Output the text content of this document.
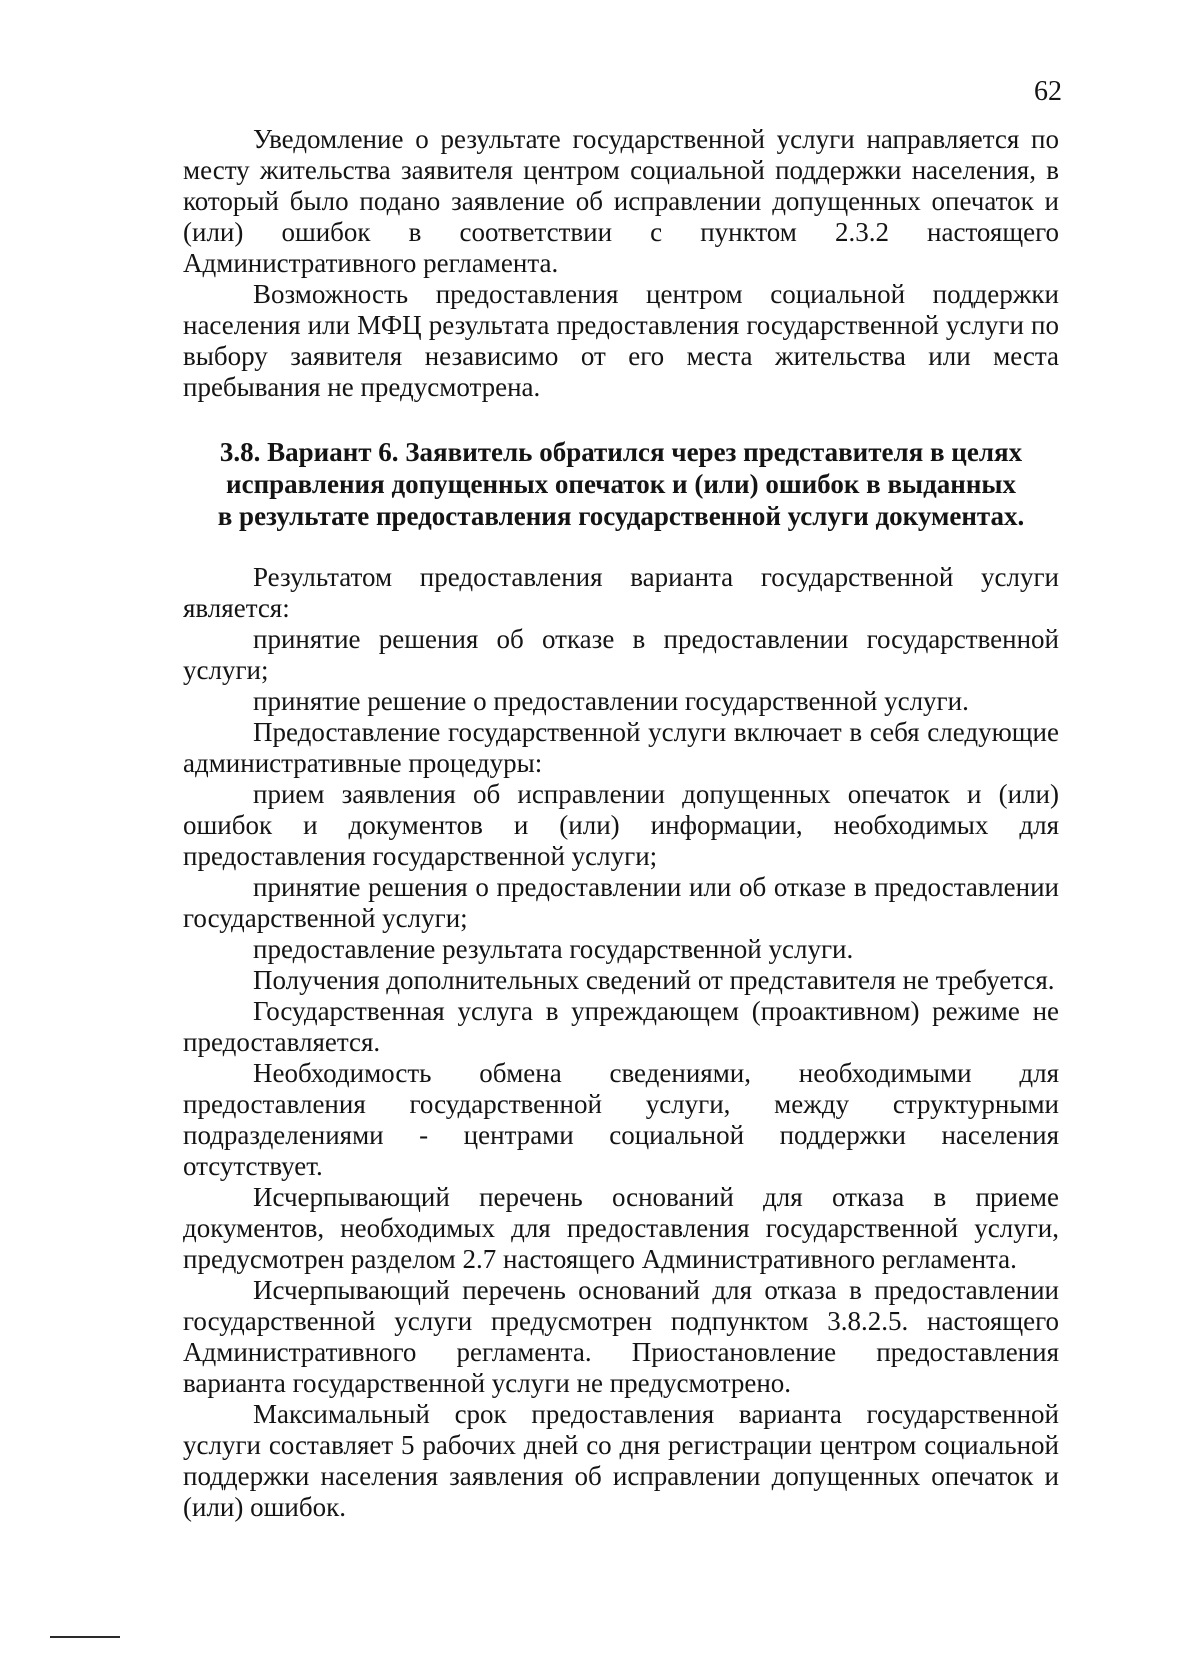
62

Уведомление о результате государственной услуги направляется по месту жительства заявителя центром социальной поддержки населения, в который было подано заявление об исправлении допущенных опечаток и (или) ошибок в соответствии с пунктом 2.3.2 настоящего Административного регламента.

Возможность предоставления центром социальной поддержки населения или МФЦ результата предоставления государственной услуги по выбору заявителя независимо от его места жительства или места пребывания не предусмотрена.

3.8. Вариант 6. Заявитель обратился через представителя в целях

исправления допущенных опечаток и (или) ошибок в выданных

в результате предоставления государственной услуги документах.

Результатом предоставления варианта государственной услуги является:

принятие решения об отказе в предоставлении государственной услуги;

принятие решение о предоставлении государственной услуги.

Предоставление государственной услуги включает в себя следующие административные процедуры:

прием заявления об исправлении допущенных опечаток и (или) ошибок и документов и (или) информации, необходимых для предоставления государственной услуги;

принятие решения о предоставлении или об отказе в предоставлении государственной услуги;

предоставление результата государственной услуги.

Получения дополнительных сведений от представителя не требуется.

Государственная услуга в упреждающем (проактивном) режиме не предоставляется.

Необходимость обмена сведениями, необходимыми для предоставления государственной услуги, между структурными подразделениями - центрами социальной поддержки населения отсутствует.

Исчерпывающий перечень оснований для отказа в приеме документов, необходимых для предоставления государственной услуги, предусмотрен разделом 2.7 настоящего Административного регламента.

Исчерпывающий перечень оснований для отказа в предоставлении государственной услуги предусмотрен подпунктом 3.8.2.5. настоящего Административного регламента. Приостановление предоставления варианта государственной услуги не предусмотрено.

Максимальный срок предоставления варианта государственной услуги составляет 5 рабочих дней со дня регистрации центром социальной поддержки населения заявления об исправлении допущенных опечаток и (или) ошибок.
